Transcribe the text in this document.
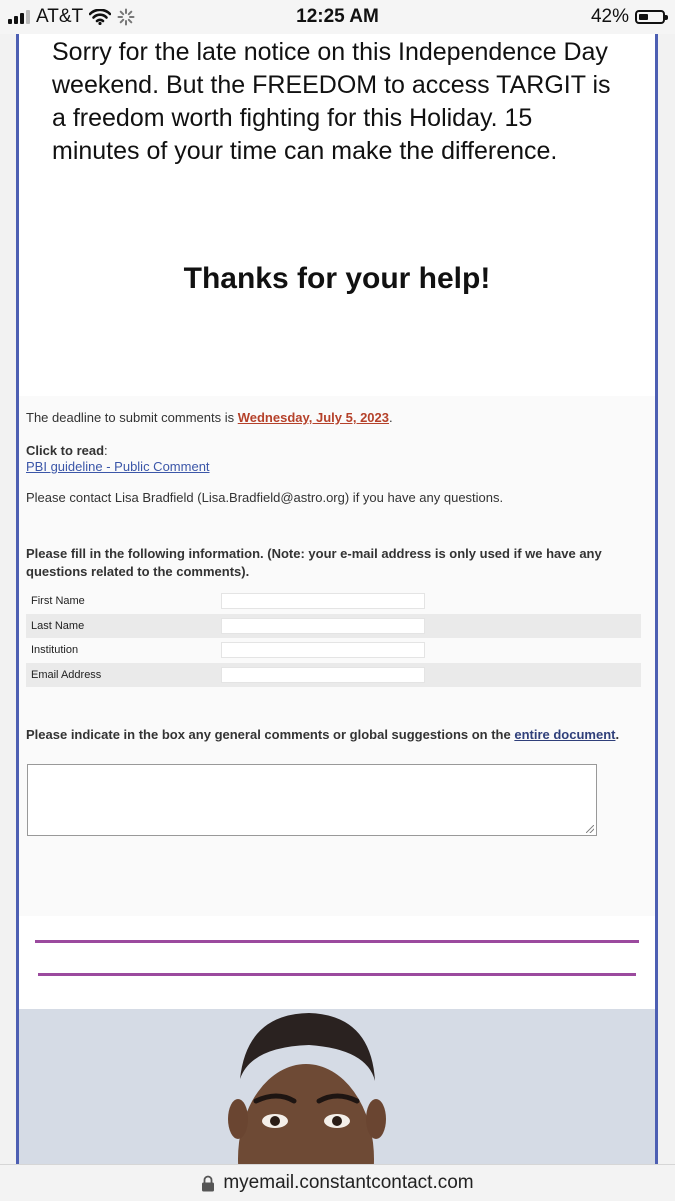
AT&T	12:25 AM	42%

Sorry for the late notice on this Independence Day weekend. But the FREEDOM to access TARGIT is a freedom worth fighting for this Holiday. 15 minutes of your time can make the difference.

Thanks for your help!

The deadline to submit comments is Wednesday, July 5, 2023.

Click to read:

PBI guideline - Public Comment

Please contact Lisa Bradfield (Lisa.Bradfield@astro.org) if you have any questions.

Please fill in the following information. (Note: your e-mail address is only used if we have any questions related to the comments).

First Name	

Last Name	

Institution	

Email Address	

Please indicate in the box any general comments or global suggestions on the entire document.

myemail.constantcontact.com
